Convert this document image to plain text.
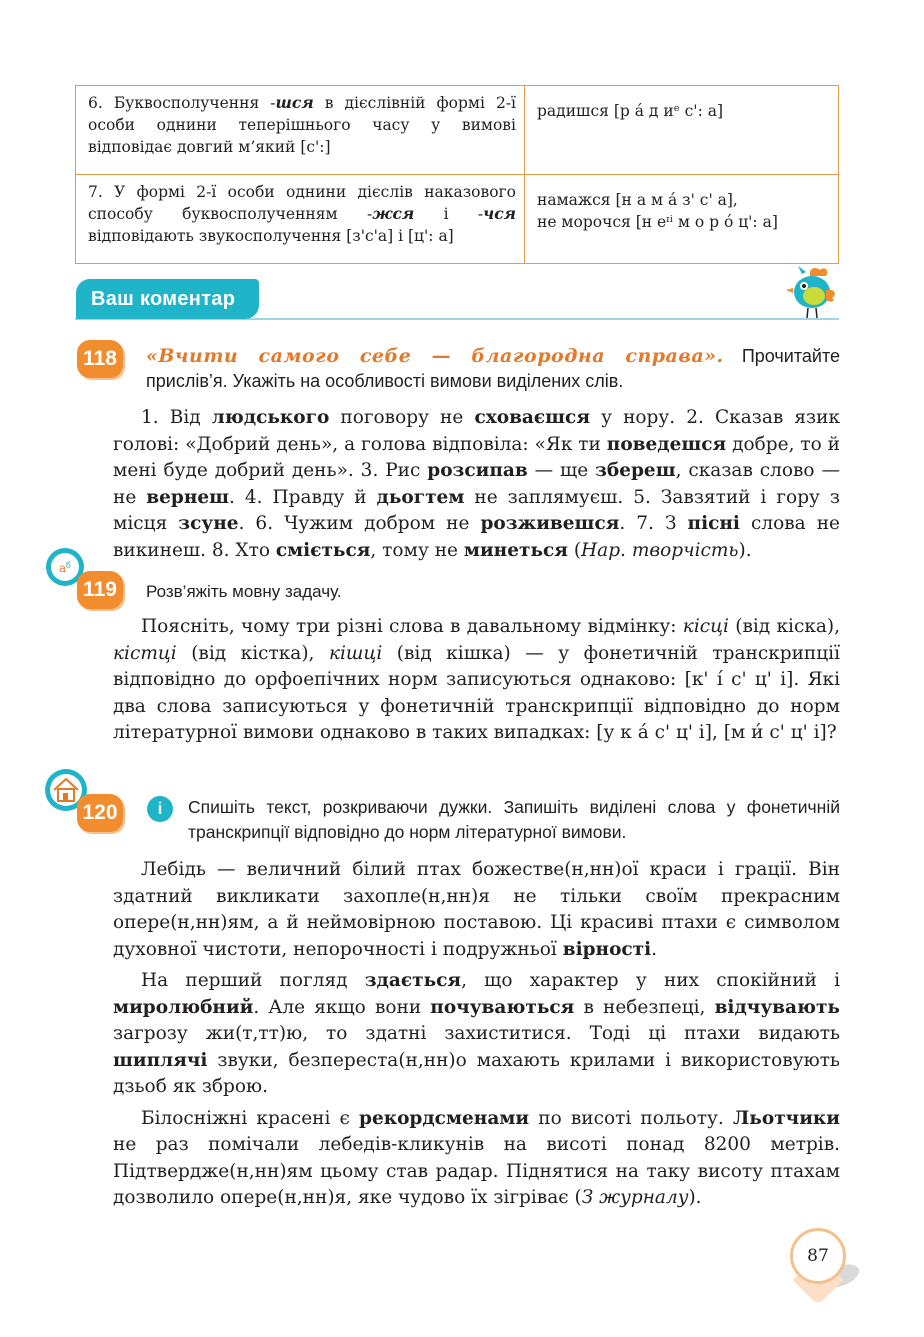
6. Буквосполучення -шся в дієслівній формі 2-ї особи однини теперішнього часу у вимові відповідає довгий м’який [с':]	радишся [р а́ д иᵉ с': а]
7. У формі 2-ї особи однини дієслів наказового способу буквосполученням -жся і -чся відповідають звукосполучення [з'с'а] і [ц': а]	намажся [н а м а́ з' с' а],
не морочся [н еᶦⁱ м о р о́ ц': а]
Ваш коментар
118	«Вчити самого себе — благородна справа». Прочитайте прислів’я. Укажіть на особливості вимови виділених слів.
1. Від людського поговору не сховаєшся у нору. 2. Сказав язик голові: «Добрий день», а голова відповіла: «Як ти поведешся добре, то й мені буде добрий день». 3. Рис розсипав — ще збереш, сказав слово — не вернеш. 4. Правду й дьогтем не заплямуєш. 5. Завзятий і гору з місця зсуне. 6. Чужим добром не розживешся. 7. З пісні слова не викинеш. 8. Хто сміється, тому не минеться (Нар. творчість).
а б
119	Розв’яжіть мовну задачу.
Поясніть, чому три різні слова в давальному відмінку: кісці (від кіска), кістці (від кістка), кішці (від кішка) — у фонетичній транскрипції відповідно до орфоепічних норм записуються однаково: [к' і́ с' ц' і]. Які два слова записуються у фонетичній транскрипції відповідно до норм літературної вимови однаково в таких випадках: [у к а́ с' ц' і], [м и́ с' ц' і]?
120	і	Спишіть текст, розкриваючи дужки. Запишіть виділені слова у фонетичній транскрипції відповідно до норм літературної вимови.
Лебідь — величний білий птах божестве(н,нн)ої краси і грації. Він здатний викликати захопле(н,нн)я не тільки своїм прекрасним опере(н,нн)ям, а й неймовірною поставою. Ці красиві птахи є символом духовної чистоти, непорочності і подружньої вірності.
На перший погляд здається, що характер у них спокійний і миролюбний. Але якщо вони почуваються в небезпеці, відчувають загрозу жи(т,тт)ю, то здатні захиститися. Тоді ці птахи видають шиплячі звуки, безпереста(н,нн)о махають крилами і використовують дзьоб як зброю.
Білосніжні красені є рекордсменами по висоті польоту. Льотчики не раз помічали лебедів-кликунів на висоті понад 8200 метрів. Підтвердже(н,нн)ям цьому став радар. Піднятися на таку висоту птахам дозволило опере(н,нн)я, яке чудово їх зігріває (З журналу).
87
